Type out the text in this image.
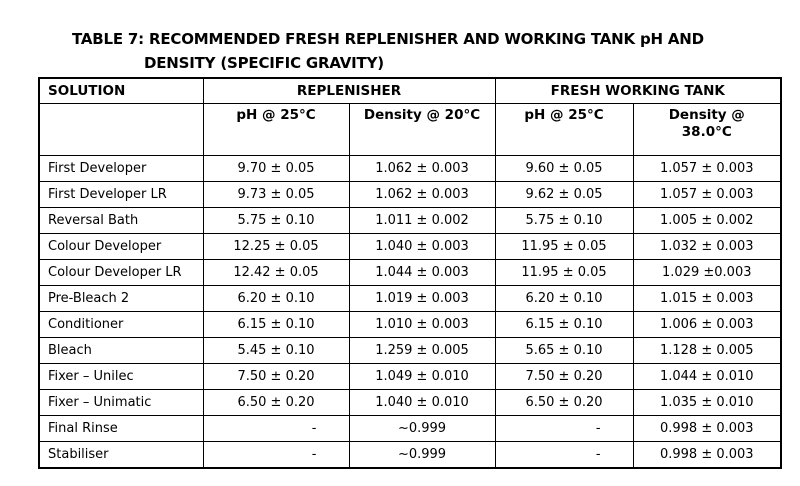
TABLE 7: RECOMMENDED FRESH REPLENISHER AND WORKING TANK pH AND
DENSITY (SPECIFIC GRAVITY)
SOLUTION	REPLENISHER		FRESH WORKING TANK	
	pH @ 25°C	Density @ 20°C	pH @ 25°C	Density @
38.0°C
First Developer	9.70 ± 0.05	1.062 ± 0.003	9.60 ± 0.05	1.057 ± 0.003
First Developer LR	9.73 ± 0.05	1.062 ± 0.003	9.62 ± 0.05	1.057 ± 0.003
Reversal Bath	5.75 ± 0.10	1.011 ± 0.002	5.75 ± 0.10	1.005 ± 0.002
Colour Developer	12.25 ± 0.05	1.040 ± 0.003	11.95 ± 0.05	1.032 ± 0.003
Colour Developer LR	12.42 ± 0.05	1.044 ± 0.003	11.95 ± 0.05	1.029 ±0.003
Pre-Bleach 2	6.20 ± 0.10	1.019 ± 0.003	6.20 ± 0.10	1.015 ± 0.003
Conditioner	6.15 ± 0.10	1.010 ± 0.003	6.15 ± 0.10	1.006 ± 0.003
Bleach	5.45 ± 0.10	1.259 ± 0.005	5.65 ± 0.10	1.128 ± 0.005
Fixer – Unilec	7.50 ± 0.20	1.049 ± 0.010	7.50 ± 0.20	1.044 ± 0.010
Fixer – Unimatic	6.50 ± 0.20	1.040 ± 0.010	6.50 ± 0.20	1.035 ± 0.010
Final Rinse	-	~0.999	-	0.998 ± 0.003
Stabiliser	-	~0.999	-	0.998 ± 0.003
